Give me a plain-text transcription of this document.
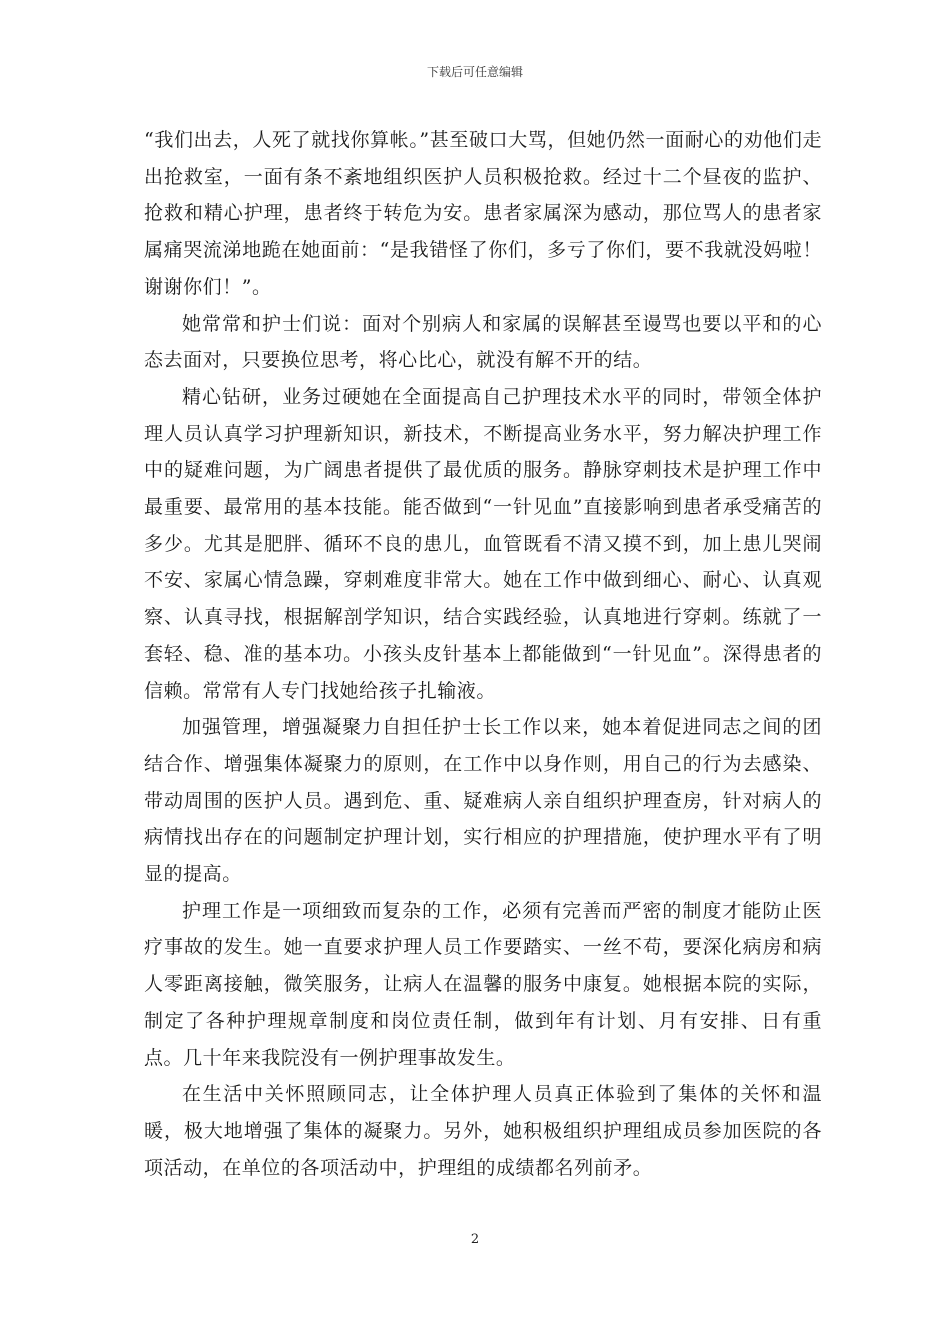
下载后可任意编辑

“我们出去，人死了就找你算帐。”甚至破口大骂，但她仍然一面耐心的劝他们走出抢救室，一面有条不紊地组织医护人员积极抢救。经过十二个昼夜的监护、抢救和精心护理，患者终于转危为安。患者家属深为感动，那位骂人的患者家属痛哭流涕地跪在她面前：“是我错怪了你们，多亏了你们，要不我就没妈啦！谢谢你们！”。

她常常和护士们说：面对个别病人和家属的误解甚至谩骂也要以平和的心态去面对，只要换位思考，将心比心，就没有解不开的结。

精心钻研，业务过硬她在全面提高自己护理技术水平的同时，带领全体护理人员认真学习护理新知识，新技术，不断提高业务水平，努力解决护理工作中的疑难问题，为广阔患者提供了最优质的服务。静脉穿刺技术是护理工作中最重要、最常用的基本技能。能否做到“一针见血”直接影响到患者承受痛苦的多少。尤其是肥胖、循环不良的患儿，血管既看不清又摸不到，加上患儿哭闹不安、家属心情急躁，穿刺难度非常大。她在工作中做到细心、耐心、认真观察、认真寻找，根据解剖学知识，结合实践经验，认真地进行穿刺。练就了一套轻、稳、准的基本功。小孩头皮针基本上都能做到“一针见血”。深得患者的信赖。常常有人专门找她给孩子扎输液。

加强管理，增强凝聚力自担任护士长工作以来，她本着促进同志之间的团结合作、增强集体凝聚力的原则，在工作中以身作则，用自己的行为去感染、带动周围的医护人员。遇到危、重、疑难病人亲自组织护理查房，针对病人的病情找出存在的问题制定护理计划，实行相应的护理措施，使护理水平有了明显的提高。

护理工作是一项细致而复杂的工作，必须有完善而严密的制度才能防止医疗事故的发生。她一直要求护理人员工作要踏实、一丝不苟，要深化病房和病人零距离接触，微笑服务，让病人在温馨的服务中康复。她根据本院的实际，制定了各种护理规章制度和岗位责任制，做到年有计划、月有安排、日有重点。几十年来我院没有一例护理事故发生。

在生活中关怀照顾同志，让全体护理人员真正体验到了集体的关怀和温暖，极大地增强了集体的凝聚力。另外，她积极组织护理组成员参加医院的各项活动，在单位的各项活动中，护理组的成绩都名列前矛。

2
